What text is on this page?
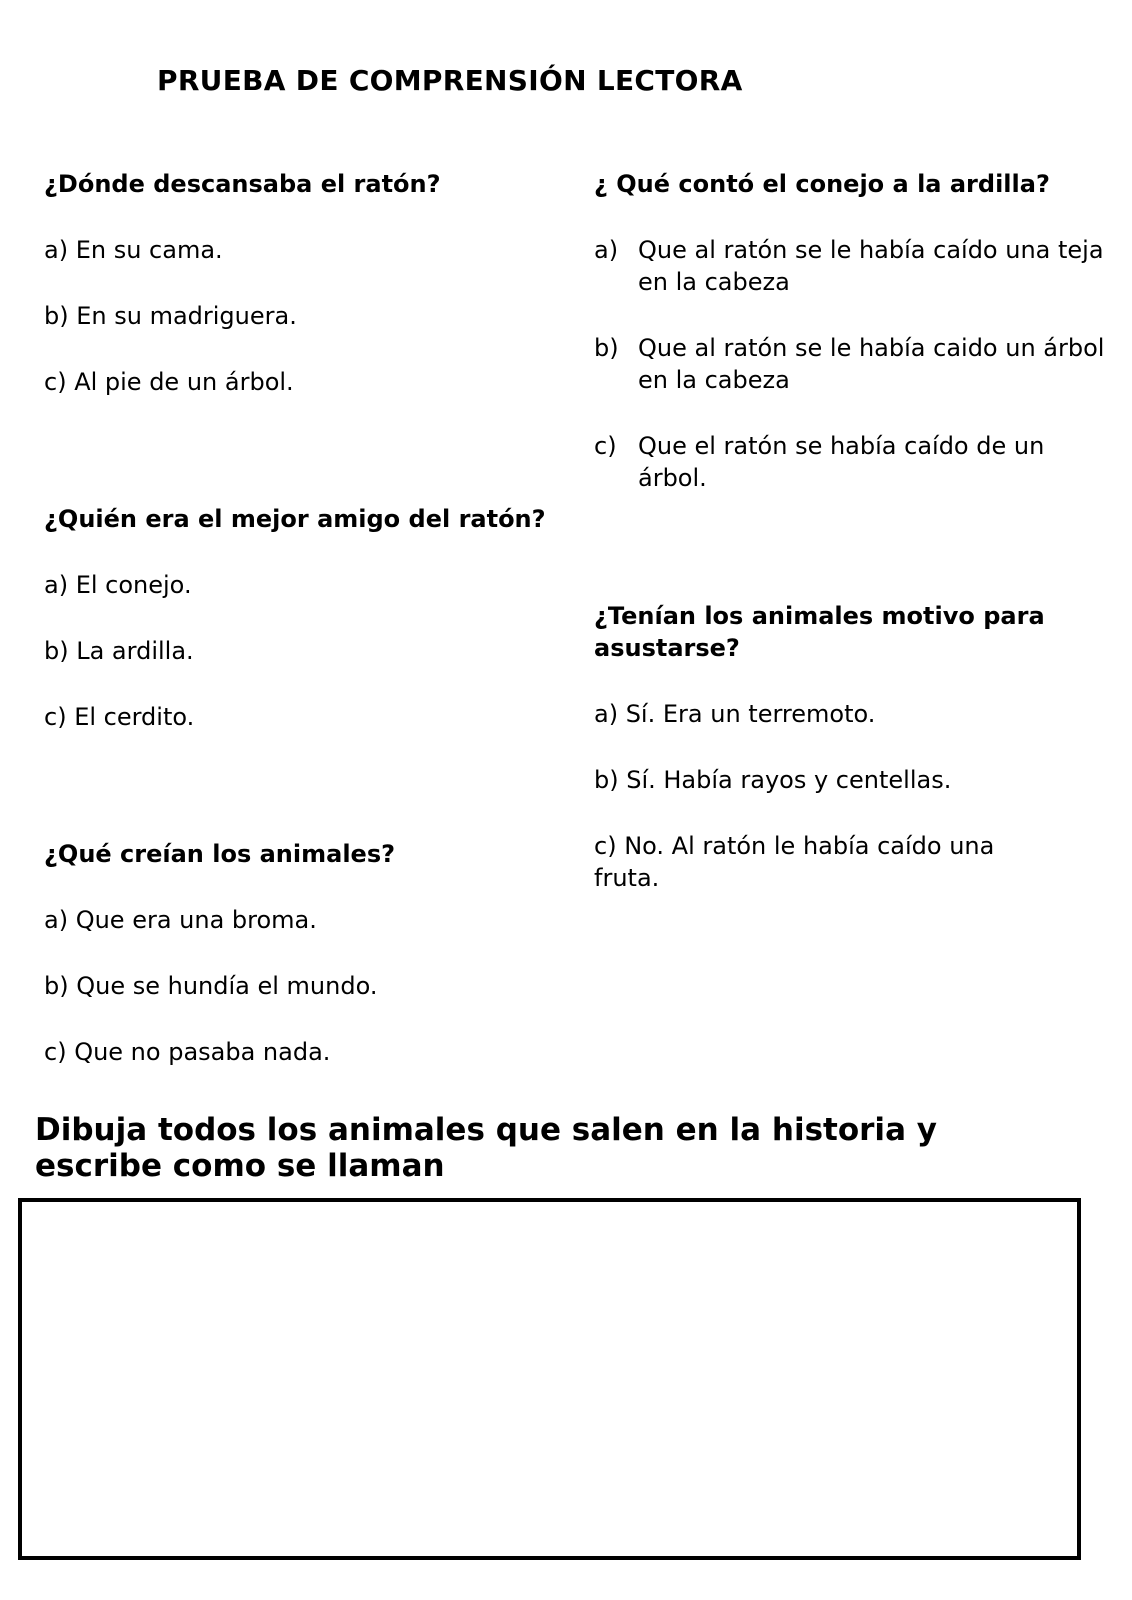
PRUEBA DE COMPRENSIÓN LECTORA

¿Dónde descansaba el ratón?

a) En su cama.
b) En su madriguera.
c) Al pie de un árbol.

¿Quién era el mejor amigo del ratón?

a) El conejo.
b) La ardilla.
c) El cerdito.

¿Qué creían los animales?

a) Que era una broma.
b) Que se hundía el mundo.
c) Que no pasaba nada.

¿ Qué contó el conejo a la ardilla?

a) Que al ratón se le había caído una teja en la cabeza
b) Que al ratón se le había caido un árbol en la cabeza
c) Que el ratón se había caído de un árbol.

¿Tenían los animales motivo para asustarse?

a) Sí. Era un terremoto.
b) Sí. Había rayos y centellas.
c) No. Al ratón le había caído una fruta.
Dibuja todos los animales que salen en la historia y escribe como se llaman
